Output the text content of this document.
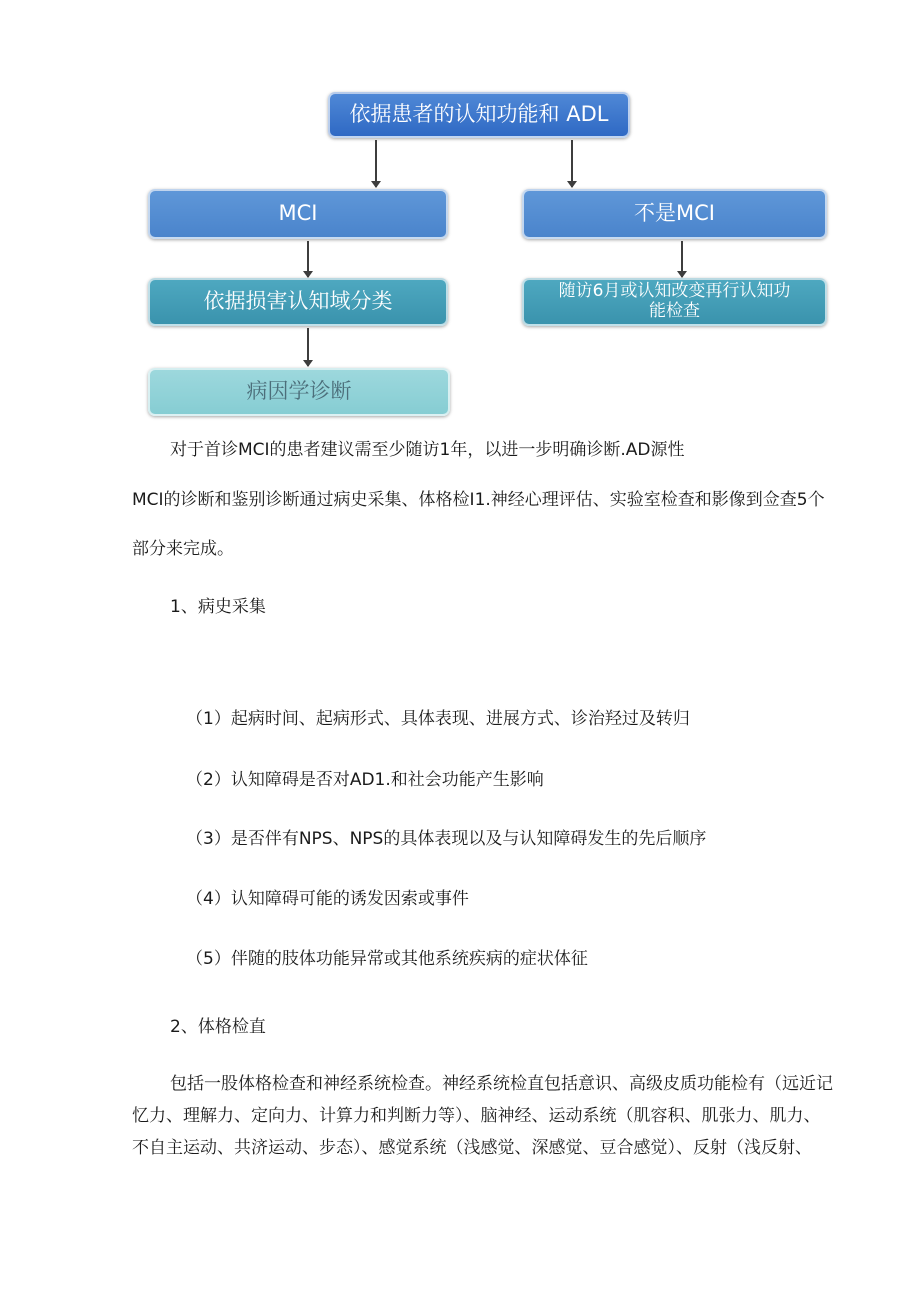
依据患者的认知功能和 ADL
MCI	不是MCI
依据损害认知域分类	随访6月或认知改变再行认知功
能检查
病因学诊断
对于首诊MCI的患者建议需至少随访1年，以进一步明确诊断.AD源性
MCI的诊断和鉴别诊断通过病史采集、体格检I1.神经心理评估、实验室检查和影像到佥查5个
部分来完成。
1、病史采集
（1）起病时间、起病形式、具体表现、进展方式、诊治羟过及转归
（2）认知障碍是否对AD1.和社会功能产生影响
（3）是否伴有NPS、NPS的具体表现以及与认知障碍发生的先后顺序
（4）认知障碍可能的诱发因索或事件
（5）伴随的肢体功能异常或其他系统疾病的症状体征
2、体格检直
包括一股体格检查和神经系统检查。神经系统检直包括意识、高级皮质功能检有（远近记
忆力、理解力、定向力、计算力和判断力等）、脑神经、运动系统（肌容积、肌张力、肌力、
不自主运动、共济运动、步态）、感觉系统（浅感觉、深感觉、豆合感觉）、反射（浅反射、
